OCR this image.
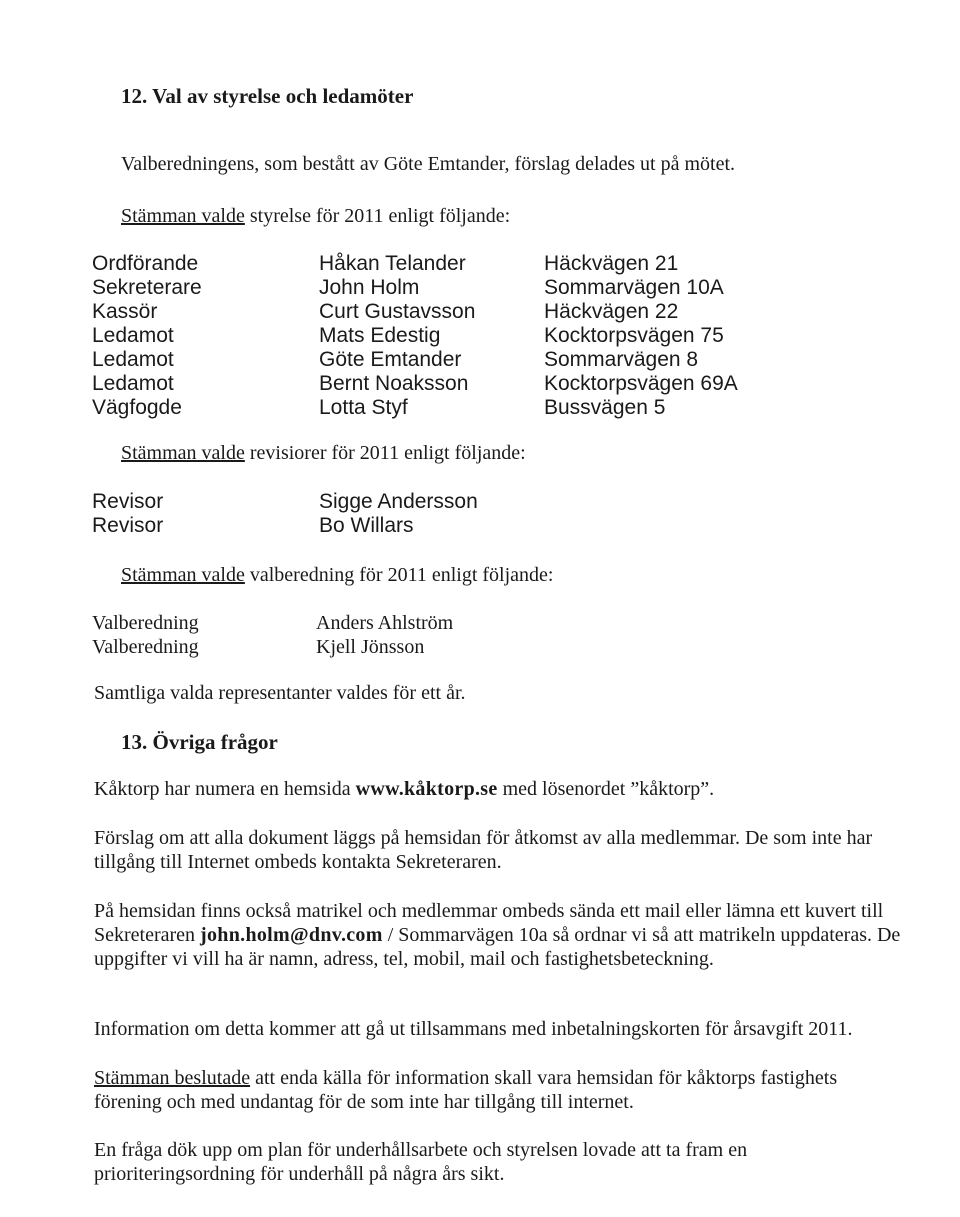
12. Val av styrelse och ledamöter
Valberedningens, som bestått av Göte Emtander, förslag delades ut på mötet.
Stämman valde styrelse för 2011 enligt följande:
Ordförande	Håkan Telander	Häckvägen 21
Sekreterare	John Holm	Sommarvägen 10A
Kassör	Curt Gustavsson	Häckvägen 22
Ledamot	Mats Edestig	Kocktorpsvägen 75
Ledamot	Göte Emtander	Sommarvägen 8
Ledamot	Bernt Noaksson	Kocktorpsvägen 69A
Vägfogde	Lotta Styf	Bussvägen 5
Stämman valde revisiorer för 2011 enligt följande:
Revisor	Sigge Andersson
Revisor	Bo Willars
Stämman valde valberedning för 2011 enligt följande:
Valberedning	Anders Ahlström
Valberedning	Kjell Jönsson
Samtliga valda representanter valdes för ett år.
13. Övriga frågor
Kåktorp har numera en hemsida www.kåktorp.se med lösenordet ”kåktorp”.
Förslag om att alla dokument läggs på hemsidan för åtkomst av alla medlemmar. De som inte har tillgång till Internet ombeds kontakta Sekreteraren.
På hemsidan finns också matrikel och medlemmar ombeds sända ett mail eller lämna ett kuvert till Sekreteraren john.holm@dnv.com / Sommarvägen 10a så ordnar vi så att matrikeln uppdateras. De uppgifter vi vill ha är namn, adress, tel, mobil, mail och fastighetsbeteckning.
Information om detta kommer att gå ut tillsammans med inbetalningskorten för årsavgift 2011.
Stämman beslutade att enda källa för information skall vara hemsidan för kåktorps fastighets förening och med undantag för de som inte har tillgång till internet.
En fråga dök upp om plan för underhållsarbete och styrelsen lovade att ta fram en prioriteringsordning för underhåll på några års sikt.
